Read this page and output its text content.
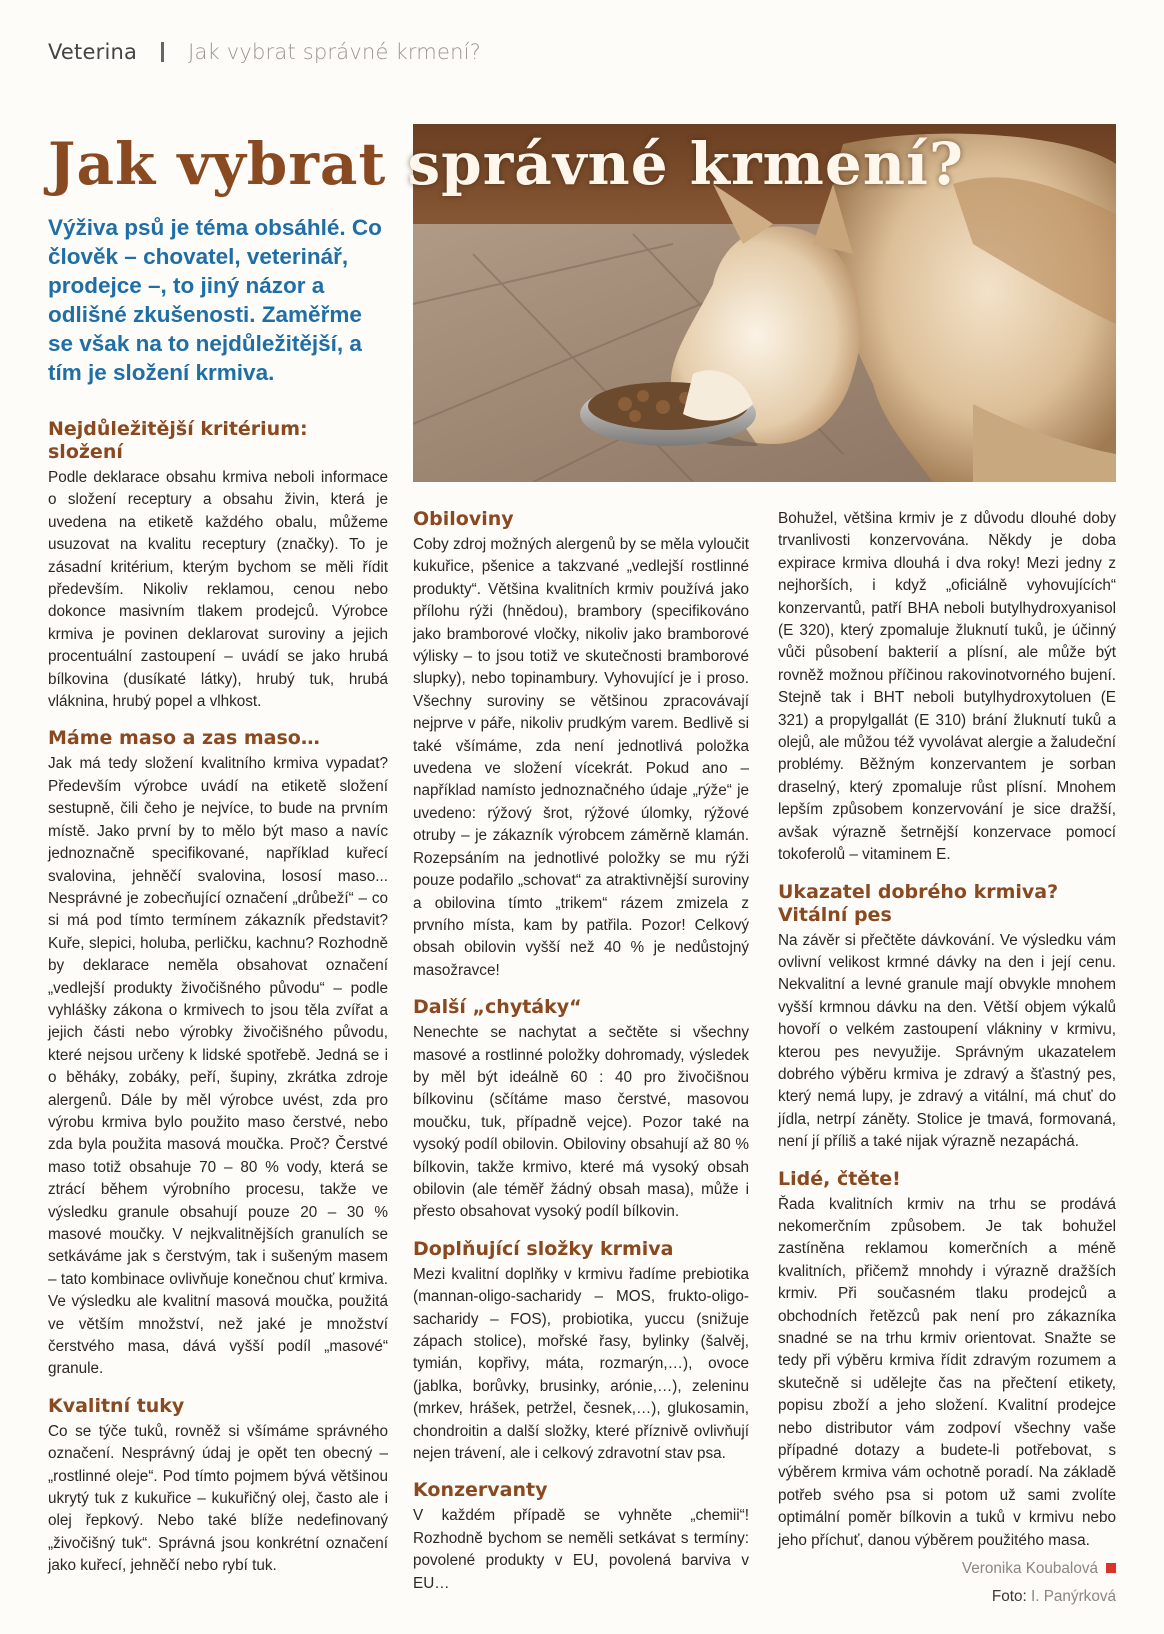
Veterina Jak vybrat správné krmení?
Jak vybrat správné krmení?

Výživa psů je téma obsáhlé. Co člověk – chovatel, veterinář, prodejce –, to jiný názor a odlišné zkušenosti. Zaměřme se však na to nejdůležitější, a tím je složení krmiva.

Nejdůležitější kritérium: složení

Podle deklarace obsahu krmiva neboli informace o složení receptury a obsahu živin, která je uvedena na etiketě každého obalu, můžeme usuzovat na kvalitu receptury (značky). To je zásadní kritérium, kterým bychom se měli řídit především. Nikoliv reklamou, cenou nebo dokonce masivním tlakem prodejců. Výrobce krmiva je povinen deklarovat suroviny a jejich procentuální zastoupení – uvádí se jako hrubá bílkovina (dusíkaté látky), hrubý tuk, hrubá vláknina, hrubý popel a vlhkost.

Máme maso a zas maso…

Jak má tedy složení kvalitního krmiva vypadat? Především výrobce uvádí na etiketě složení sestupně, čili čeho je nejvíce, to bude na prvním místě. Jako první by to mělo být maso a navíc jednoznačně specifikované, například kuřecí svalovina, jehněčí svalovina, lososí maso... Nesprávné je zobecňující označení „drůbeží“ – co si má pod tímto termínem zákazník představit? Kuře, slepici, holuba, perličku, kachnu? Rozhodně by deklarace neměla obsahovat označení „vedlejší produkty živočišného původu“ – podle vyhlášky zákona o krmivech to jsou těla zvířat a jejich části nebo výrobky živočišného původu, které nejsou určeny k lidské spotřebě. Jedná se i o běháky, zobáky, peří, šupiny, zkrátka zdroje alergenů. Dále by měl výrobce uvést, zda pro výrobu krmiva bylo použito maso čerstvé, nebo zda byla použita masová moučka. Proč? Čerstvé maso totiž obsahuje 70 – 80 % vody, která se ztrácí během výrobního procesu, takže ve výsledku granule obsahují pouze 20 – 30 % masové moučky. V nejkvalitnějších granulích se setkáváme jak s čerstvým, tak i sušeným masem – tato kombinace ovlivňuje konečnou chuť krmiva. Ve výsledku ale kvalitní masová moučka, použitá ve větším množství, než jaké je množství čerstvého masa, dává vyšší podíl „masové“ granule.

Kvalitní tuky

Co se týče tuků, rovněž si všímáme správného označení. Nesprávný údaj je opět ten obecný – „rostlinné oleje“. Pod tímto pojmem bývá většinou ukrytý tuk z kukuřice – kukuřičný olej, často ale i olej řepkový. Nebo také blíže nedefinovaný „živočišný tuk“. Správná jsou konkrétní označení jako kuřecí, jehněčí nebo rybí tuk.

Obiloviny

Coby zdroj možných alergenů by se měla vyloučit kukuřice, pšenice a takzvané „vedlejší rostlinné produkty“. Většina kvalitních krmiv používá jako přílohu rýži (hnědou), brambory (specifikováno jako bramborové vločky, nikoliv jako bramborové výlisky – to jsou totiž ve skutečnosti bramborové slupky), nebo topinambury. Vyhovující je i proso. Všechny suroviny se většinou zpracovávají nejprve v páře, nikoliv prudkým varem. Bedlivě si také všímáme, zda není jednotlivá položka uvedena ve složení vícekrát. Pokud ano – například namísto jednoznačného údaje „rýže“ je uvedeno: rýžový šrot, rýžové úlomky, rýžové otruby – je zákazník výrobcem záměrně klamán. Rozepsáním na jednotlivé položky se mu rýži pouze podařilo „schovat“ za atraktivnější suroviny a obilovina tímto „trikem“ rázem zmizela z prvního místa, kam by patřila. Pozor! Celkový obsah obilovin vyšší než 40 % je nedůstojný masožravce!

Další „chytáky“

Nenechte se nachytat a sečtěte si všechny masové a rostlinné položky dohromady, výsledek by měl být ideálně 60 : 40 pro živočišnou bílkovinu (sčítáme maso čerstvé, masovou moučku, tuk, případně vejce). Pozor také na vysoký podíl obilovin. Obiloviny obsahují až 80 % bílkovin, takže krmivo, které má vysoký obsah obilovin (ale téměř žádný obsah masa), může i přesto obsahovat vysoký podíl bílkovin.

Doplňující složky krmiva

Mezi kvalitní doplňky v krmivu řadíme prebiotika (mannan-oligo-sacharidy – MOS, frukto-oligo-sacharidy – FOS), probiotika, yuccu (snižuje zápach stolice), mořské řasy, bylinky (šalvěj, tymián, kopřivy, máta, rozmarýn,…), ovoce (jablka, borůvky, brusinky, arónie,…), zeleninu (mrkev, hrášek, petržel, česnek,…), glukosamin, chondroitin a další složky, které příznivě ovlivňují nejen trávení, ale i celkový zdravotní stav psa.

Konzervanty

V každém případě se vyhněte „chemii“! Rozhodně bychom se neměli setkávat s termíny: povolené produkty v EU, povolená barviva v EU…

Bohužel, většina krmiv je z důvodu dlouhé doby trvanlivosti konzervována. Někdy je doba expirace krmiva dlouhá i dva roky! Mezi jedny z nejhorších, i když „oficiálně vyhovujících“ konzervantů, patří BHA neboli butylhydroxyanisol (E 320), který zpomaluje žluknutí tuků, je účinný vůči působení bakterií a plísní, ale může být rovněž možnou příčinou rakovinotvorného bujení. Stejně tak i BHT neboli butylhydroxytoluen (E 321) a propylgallát (E 310) brání žluknutí tuků a olejů, ale můžou též vyvolávat alergie a žaludeční problémy. Běžným konzervantem je sorban draselný, který zpomaluje růst plísní. Mnohem lepším způsobem konzervování je sice dražší, avšak výrazně šetrnější konzervace pomocí tokoferolů – vitaminem E.

Ukazatel dobrého krmiva? Vitální pes

Na závěr si přečtěte dávkování. Ve výsledku vám ovlivní velikost krmné dávky na den i její cenu. Nekvalitní a levné granule mají obvykle mnohem vyšší krmnou dávku na den. Větší objem výkalů hovoří o velkém zastoupení vlákniny v krmivu, kterou pes nevyužije. Správným ukazatelem dobrého výběru krmiva je zdravý a šťastný pes, který nemá lupy, je zdravý a vitální, má chuť do jídla, netrpí záněty. Stolice je tmavá, formovaná, není jí příliš a také nijak výrazně nezapáchá.

Lidé, čtěte!

Řada kvalitních krmiv na trhu se prodává nekomerčním způsobem. Je tak bohužel zastíněna reklamou komerčních a méně kvalitních, přičemž mnohdy i výrazně dražších krmiv. Při současném tlaku prodejců a obchodních řetězců pak není pro zákazníka snadné se na trhu krmiv orientovat. Snažte se tedy při výběru krmiva řídit zdravým rozumem a skutečně si udělejte čas na přečtení etikety, popisu zboží a jeho složení. Kvalitní prodejce nebo distributor vám zodpoví všechny vaše případné dotazy a budete-li potřebovat, s výběrem krmiva vám ochotně poradí. Na základě potřeb svého psa si potom už sami zvolíte optimální poměr bílkovin a tuků v krmivu nebo jeho příchuť, danou výběrem použitého masa.

Veronika Koubalová
Foto: I. Panýrková
